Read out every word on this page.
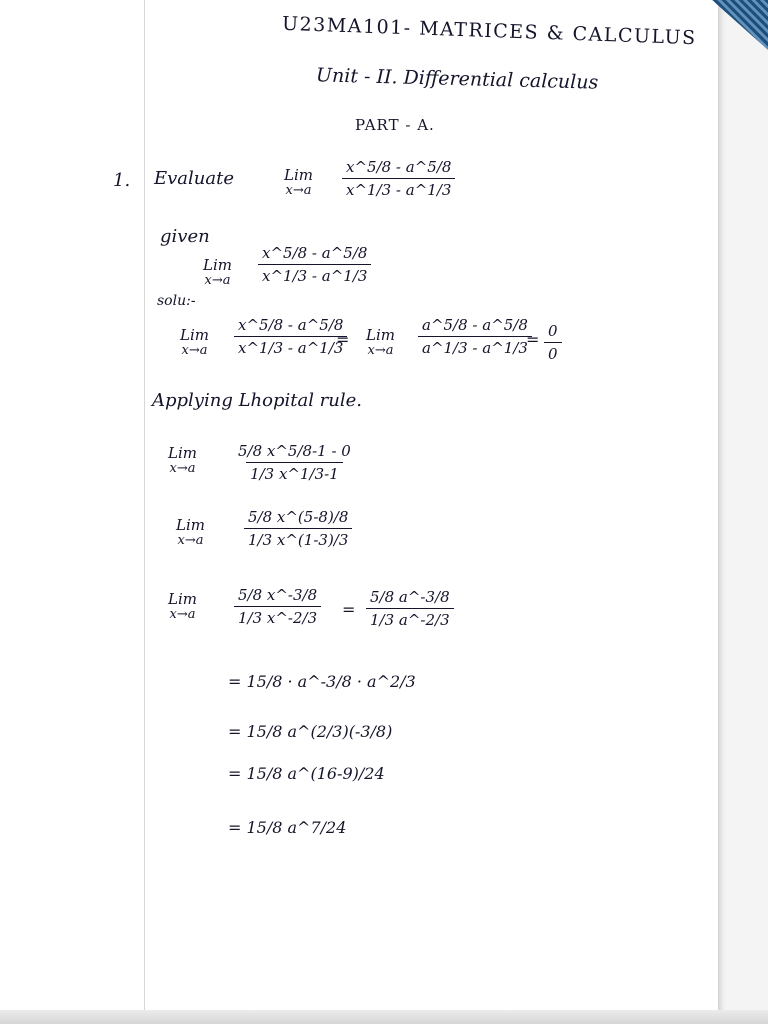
U23MA101- MATRICES & CALCULUS
Unit - II. Differential calculus
PART - A.
1. Evaluate	Lim
$x\to a \frac{x\^{}5/8 - a\^{}5/8}{x\^{}1/3 - a\^{}1/3}$
given
Lim
$x\to a \frac{x\^{}5/8 - a\^{}5/8}{x\^{}1/3 - a\^{}1/3}$
solu:-
Lim
$x\to a \frac{x\^{}5/8 - a\^{}5/8}{x\^{}1/3 - a\^{}1/3}$
= Lim
$x\to a \frac{a\^{}5/8 - a\^{}5/8}{a\^{}1/3 - a\^{}1/3}$
= $\frac{0}{0}$
Applying Lhopital rule.
Lim
x→a	$\frac{5/8 x\^{}5/8-1 - 0}{1/3 x\^{}1/3-1}$
Lim
x→a	$\frac{5/8 x\^{}(5-8)/8}{1/3 x\^{}(1-3)/3}$
Lim
x→a	$\frac{5/8 x\^{}-3/8}{1/3 x\^{}-2/3} = \frac{5/8 a\^{}-3/8}{1/3 a\^{}-2/3}$
= 15/8 · a^-3/8 · a^2/3
= 15/8 a^(2/3)(-3/8)
= 15/8 a^(16-9)/24
= 15/8 a^7/24
